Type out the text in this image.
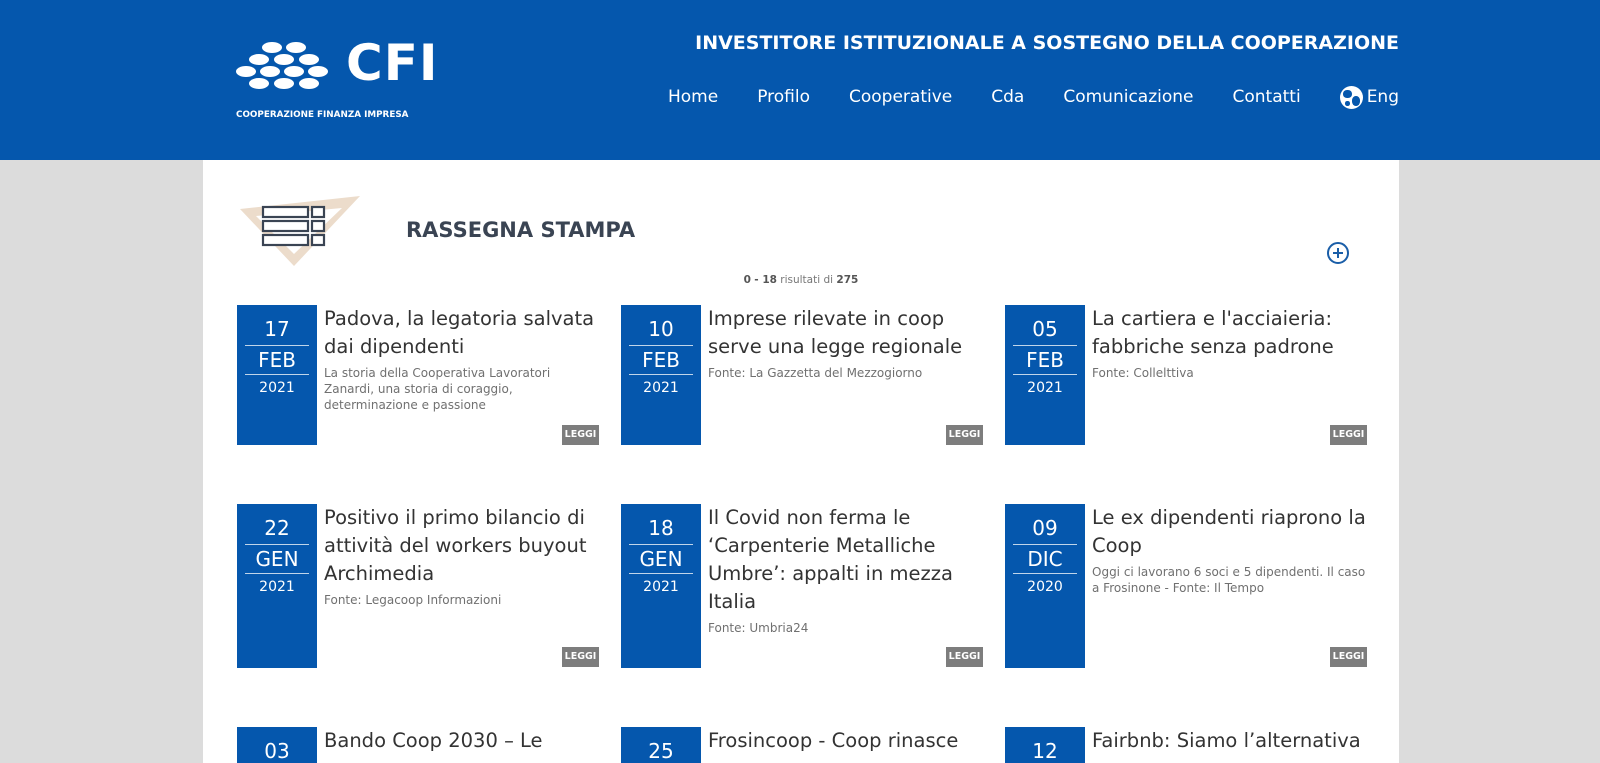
CFI
COOPERAZIONE FINANZA IMPRESA
INVESTITORE ISTITUZIONALE A SOSTEGNO DELLA COOPERAZIONE
Home Profilo Cooperative Cda Comunicazione Contatti	Eng
RASSEGNA STAMPA
0 - 18 risultati di 275
17
FEB
2021
Padova, la legatoria salvata dai dipendenti
La storia della Cooperativa Lavoratori Zanardi, una storia di coraggio, determinazione e passione
LEGGI
10
FEB
2021
Imprese rilevate in coop serve una legge regionale
Fonte: La Gazzetta del Mezzogiorno
LEGGI
05
FEB
2021
La cartiera e l'acciaieria: fabbriche senza padrone
Fonte: Collelttiva
LEGGI
22
GEN
2021
Positivo il primo bilancio di attività del workers buyout Archimedia
Fonte: Legacoop Informazioni
LEGGI
18
GEN
2021
Il Covid non ferma le ‘Carpenterie Metalliche Umbre’: appalti in mezza Italia
Fonte: Umbria24
LEGGI
09
DIC
2020
Le ex dipendenti riaprono la Coop
Oggi ci lavorano 6 soci e 5 dipendenti. Il caso a Frosinone - Fonte: Il Tempo
LEGGI
03	Bando Coop 2030 – Le	25	Frosincoop - Coop rinasce	12	Fairbnb: Siamo l’alternativa
